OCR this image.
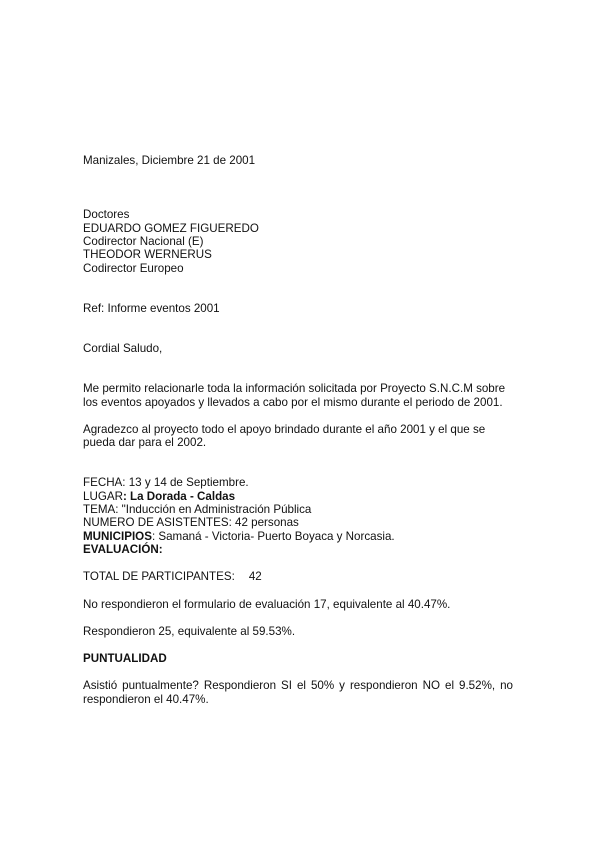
Manizales, Diciembre 21 de 2001
Doctores
EDUARDO GOMEZ FIGUEREDO
Codirector Nacional (E)
THEODOR WERNERUS
Codirector Europeo
Ref: Informe eventos 2001
Cordial Saludo,
Me permito relacionarle toda la información solicitada por Proyecto S.N.C.M sobre
los eventos apoyados y llevados a cabo por el mismo durante el periodo de 2001.
Agradezco al proyecto todo el apoyo brindado durante el año 2001 y el que se
pueda dar para el 2002.
FECHA: 13 y 14 de Septiembre.
LUGAR: La Dorada - Caldas
TEMA: "Inducción en Administración Pública
NUMERO DE ASISTENTES: 42 personas
MUNICIPIOS: Samaná - Victoria- Puerto Boyaca y Norcasia.
EVALUACIÓN:
TOTAL DE PARTICIPANTES: 42
No respondieron el formulario de evaluación 17, equivalente al 40.47%.
Respondieron 25, equivalente al 59.53%.
PUNTUALIDAD
Asistió puntualmente? Respondieron SI el 50% y respondieron NO el 9.52%, no respondieron el 40.47%.
